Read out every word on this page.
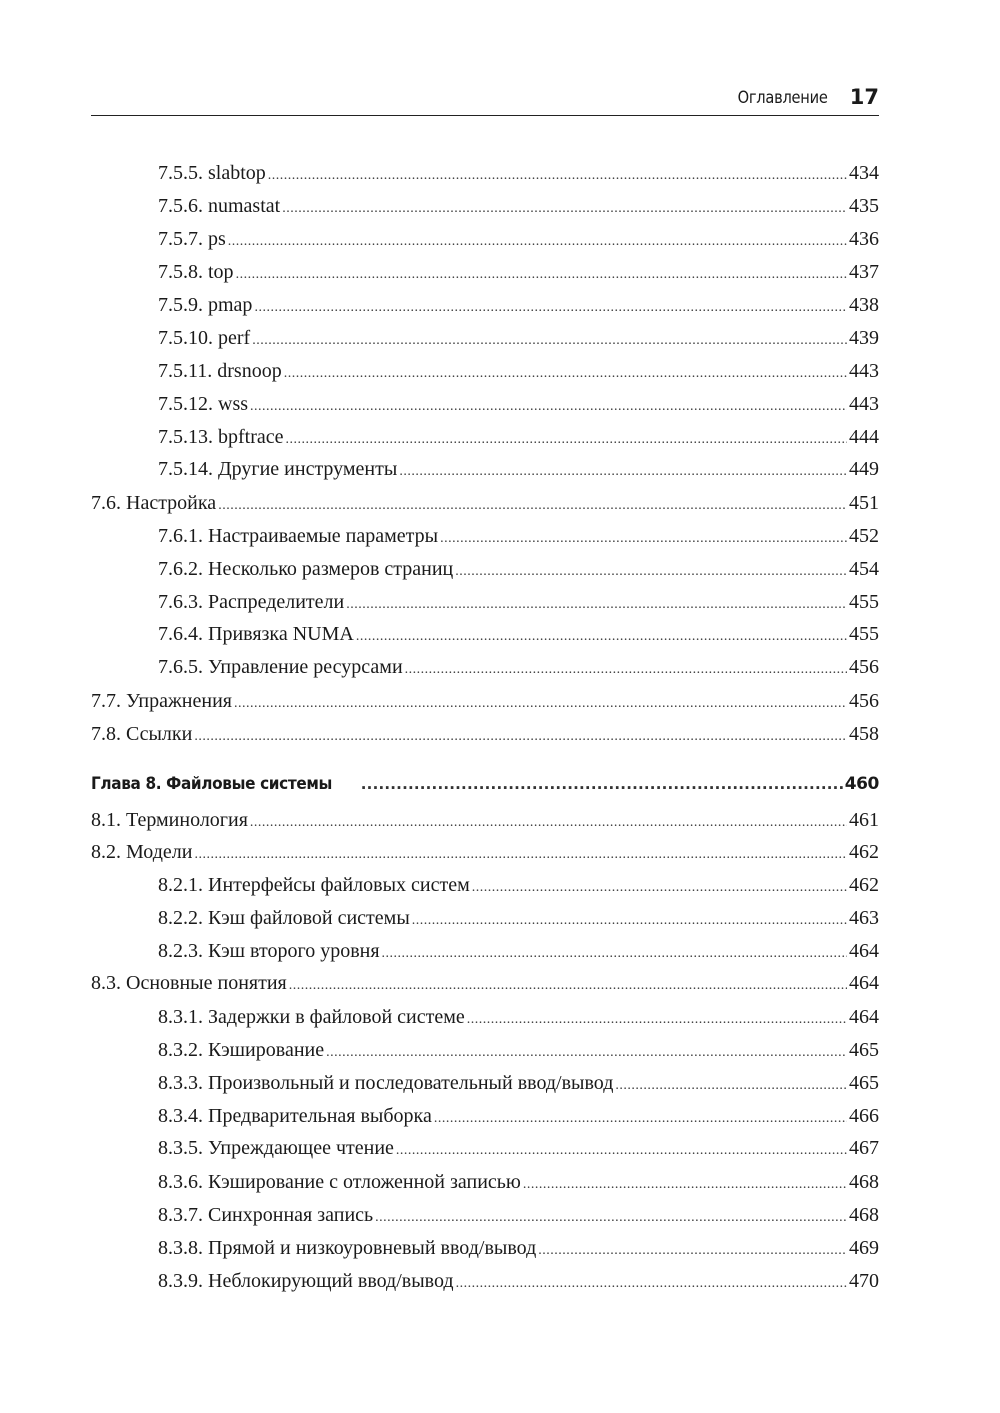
Оглавление 17
7.5.5. slabtop .....	434
7.5.6. numastat .....	435
7.5.7. ps .....	436
7.5.8. top .....	437
7.5.9. pmap .....	438
7.5.10. perf .....	439
7.5.11. drsnoop .....	443
7.5.12. wss .....	443
7.5.13. bpftrace .....	444
7.5.14. Другие инструменты .....	449
7.6. Настройка .....	451
7.6.1. Настраиваемые параметры .....	452
7.6.2. Несколько размеров страниц .....	454
7.6.3. Распределители .....	455
7.6.4. Привязка NUMA .....	455
7.6.5. Управление ресурсами .....	456
7.7. Упражнения .....	456
7.8. Ссылки .....	458
Глава 8. Файловые системы .....	460
8.1. Терминология .....	461
8.2. Модели .....	462
8.2.1. Интерфейсы файловых систем .....	462
8.2.2. Кэш файловой системы .....	463
8.2.3. Кэш второго уровня .....	464
8.3. Основные понятия .....	464
8.3.1. Задержки в файловой системе .....	464
8.3.2. Кэширование .....	465
8.3.3. Произвольный и последовательный ввод/вывод .....	465
8.3.4. Предварительная выборка .....	466
8.3.5. Упреждающее чтение .....	467
8.3.6. Кэширование с отложенной записью .....	468
8.3.7. Синхронная запись .....	468
8.3.8. Прямой и низкоуровневый ввод/вывод .....	469
8.3.9. Неблокирующий ввод/вывод .....	470
